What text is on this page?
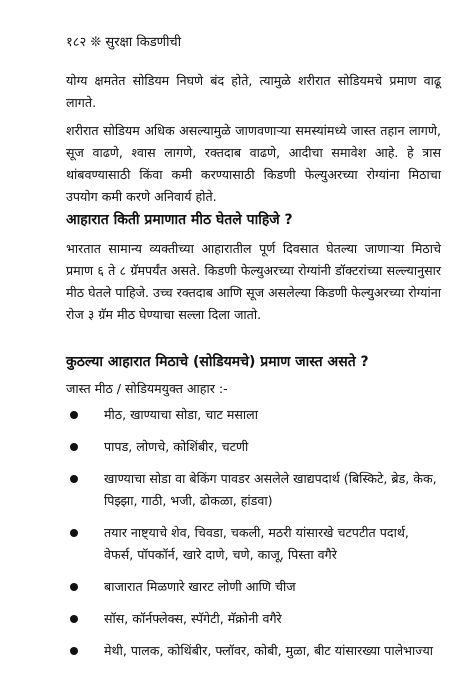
१८२ ❊ सुरक्षा किडणीची

योग्य क्षमतेत सोडियम निघणे बंद होते, त्यामुळे शरीरात सोडियमचे प्रमाण वाढू लागते.

शरीरात सोडियम अधिक असल्यामुळे जाणवणाऱ्या समस्यांमध्ये जास्त तहान लागणे, सूज वाढणे, श्वास लागणे, रक्तदाब वाढणे, आदीचा समावेश आहे. हे त्रास थांबवण्यासाठी किंवा कमी करण्यासाठी किडणी फेल्युअरच्या रोग्यांना मिठाचा उपयोग कमी करणे अनिवार्य होते.

आहारात किती प्रमाणात मीठ घेतले पाहिजे ?

भारतात सामान्य व्यक्तीच्या आहारातील पूर्ण दिवसात घेतल्या जाणाऱ्या मिठाचे प्रमाण ६ ते ८ ग्रॅमपर्यंत असते. किडणी फेल्युअरच्या रोग्यांनी डॉक्टरांच्या सल्ल्यानुसार मीठ घेतले पाहिजे. उच्च रक्तदाब आणि सूज असलेल्या किडणी फेल्युअरच्या रोग्यांना रोज ३ ग्रॅम मीठ घेण्याचा सल्ला दिला जातो.

कुठल्या आहारात मिठाचे (सोडियमचे) प्रमाण जास्त असते ?
जास्त मीठ / सोडियमयुक्त आहार :-
मीठ, खाण्याचा सोडा, चाट मसाला
पापड, लोणचे, कोशिंबीर, चटणी
खाण्याचा सोडा वा बेकिंग पावडर असलेले खाद्यपदार्थ (बिस्किटे, ब्रेड, केक, पिझ्झा, गाठी, भजी, ढोकळा, हांडवा)
तयार नाष्ट्याचे शेव, चिवडा, चकली, मठरी यांसारखे चटपटीत पदार्थ, वेफर्स, पॉपकॉर्न, खारे दाणे, चणे, काजू, पिस्ता वगैरे
बाजारात मिळणारे खारट लोणी आणि चीज
सॉस, कॉर्नफ्लेक्स, स्पॅगेटी, मॅक्रोनी वगैरे
मेथी, पालक, कोथिंबीर, फ्लॉवर, कोबी, मुळा, बीट यांसारख्या पालेभाज्या
